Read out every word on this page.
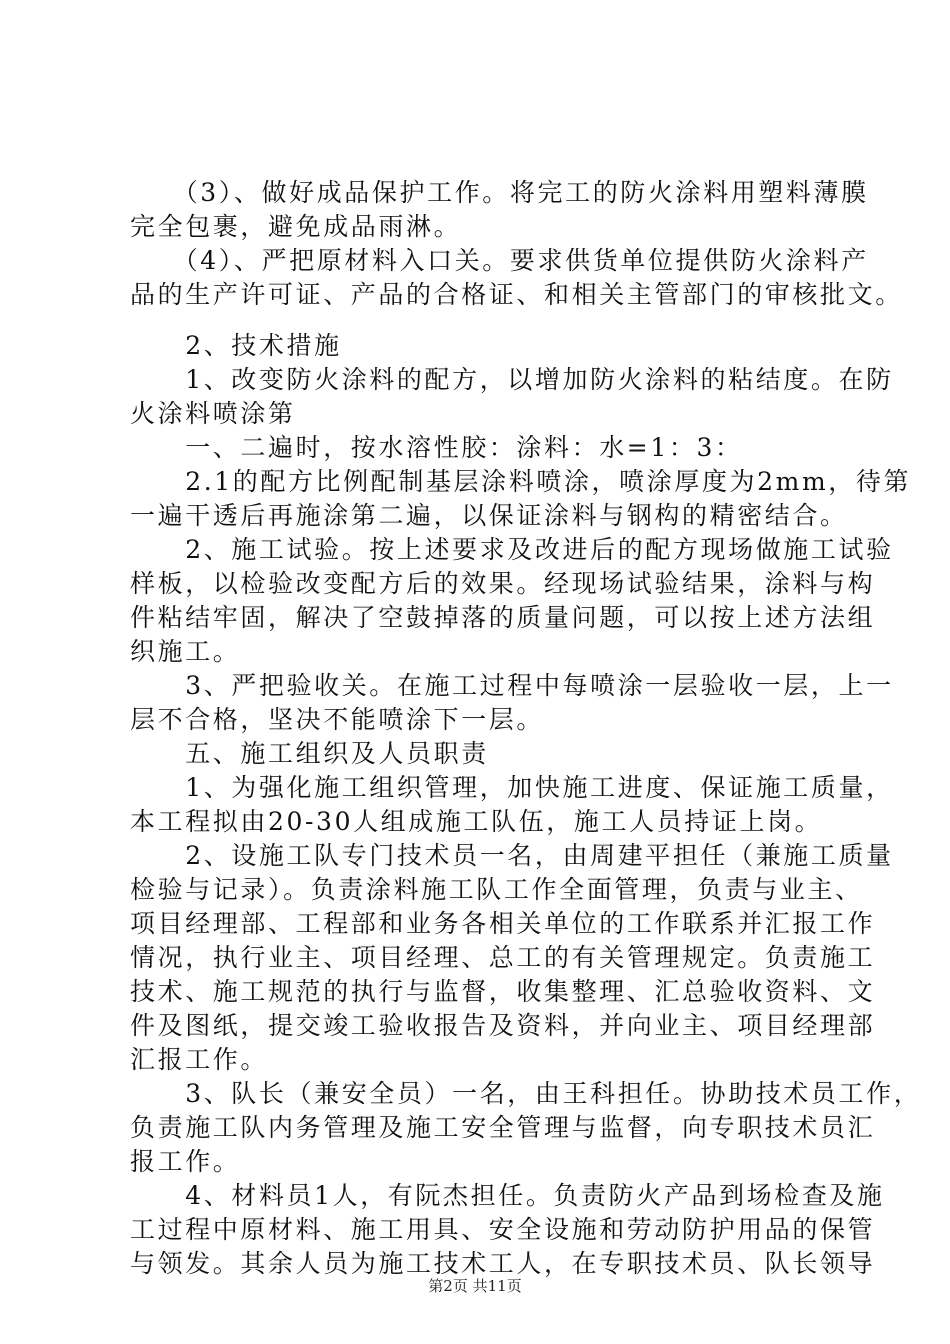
　　（3）、做好成品保护工作。将完工的防火涂料用塑料薄膜
完全包裹，避免成品雨淋。
　　（4）、严把原材料入口关。要求供货单位提供防火涂料产
品的生产许可证、产品的合格证、和相关主管部门的审核批文。
　　2、技术措施
　　1、改变防火涂料的配方，以增加防火涂料的粘结度。在防
火涂料喷涂第
　　一、二遍时，按水溶性胶：涂料：水=1：3：
　　2.1的配方比例配制基层涂料喷涂，喷涂厚度为2mm，待第
一遍干透后再施涂第二遍，以保证涂料与钢构的精密结合。
　　2、施工试验。按上述要求及改进后的配方现场做施工试验
样板，以检验改变配方后的效果。经现场试验结果，涂料与构
件粘结牢固，解决了空鼓掉落的质量问题，可以按上述方法组
织施工。
　　3、严把验收关。在施工过程中每喷涂一层验收一层，上一
层不合格，坚决不能喷涂下一层。
　　五、施工组织及人员职责
　　1、为强化施工组织管理，加快施工进度、保证施工质量，
本工程拟由20-30人组成施工队伍，施工人员持证上岗。
　　2、设施工队专门技术员一名，由周建平担任（兼施工质量
检验与记录）。负责涂料施工队工作全面管理，负责与业主、
项目经理部、工程部和业务各相关单位的工作联系并汇报工作
情况，执行业主、项目经理、总工的有关管理规定。负责施工
技术、施工规范的执行与监督，收集整理、汇总验收资料、文
件及图纸，提交竣工验收报告及资料，并向业主、项目经理部
汇报工作。
　　3、队长（兼安全员）一名，由王科担任。协助技术员工作，
负责施工队内务管理及施工安全管理与监督，向专职技术员汇
报工作。
　　4、材料员1人，有阮杰担任。负责防火产品到场检查及施
工过程中原材料、施工用具、安全设施和劳动防护用品的保管
与领发。其余人员为施工技术工人，在专职技术员、队长领导
第2页 共11页
